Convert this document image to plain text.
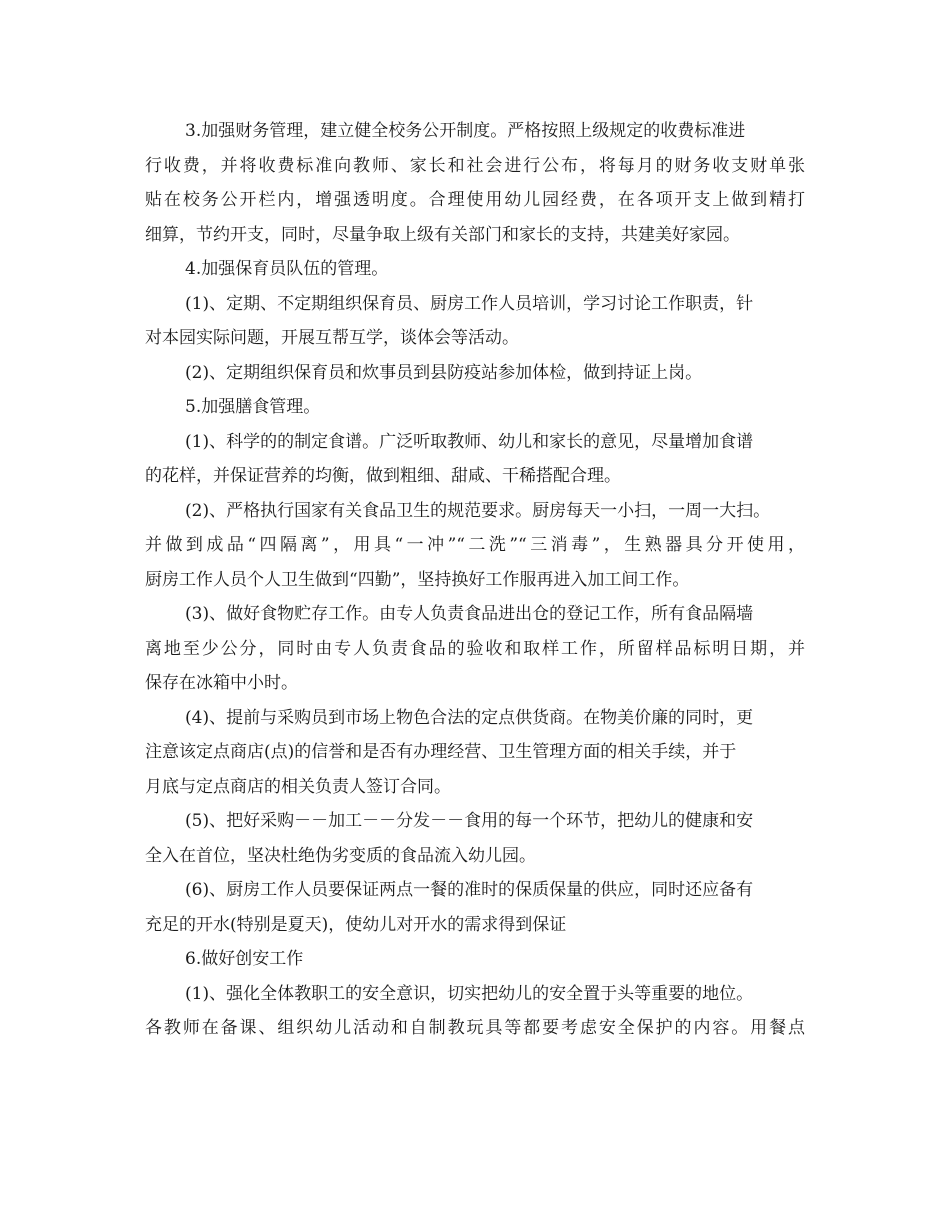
3.加强财务管理，建立健全校务公开制度。严格按照上级规定的收费标准进
行收费，并将收费标准向教师、家长和社会进行公布，将每月的财务收支财单张
贴在校务公开栏内，增强透明度。合理使用幼儿园经费，在各项开支上做到精打
细算，节约开支，同时，尽量争取上级有关部门和家长的支持，共建美好家园。
4.加强保育员队伍的管理。
(1)、定期、不定期组织保育员、厨房工作人员培训，学习讨论工作职责，针
对本园实际问题，开展互帮互学，谈体会等活动。
(2)、定期组织保育员和炊事员到县防疫站参加体检，做到持证上岗。
5.加强膳食管理。
(1)、科学的的制定食谱。广泛听取教师、幼儿和家长的意见，尽量增加食谱
的花样，并保证营养的均衡，做到粗细、甜咸、干稀搭配合理。
(2)、严格执行国家有关食品卫生的规范要求。厨房每天一小扫，一周一大扫。
并做到成品“四隔离”，用具“一冲”“二洗”“三消毒”，生熟器具分开使用，
厨房工作人员个人卫生做到“四勤”，坚持换好工作服再进入加工间工作。
(3)、做好食物贮存工作。由专人负责食品进出仓的登记工作，所有食品隔墙
离地至少公分，同时由专人负责食品的验收和取样工作，所留样品标明日期，并
保存在冰箱中小时。
(4)、提前与采购员到市场上物色合法的定点供货商。在物美价廉的同时，更
注意该定点商店(点)的信誉和是否有办理经营、卫生管理方面的相关手续，并于
月底与定点商店的相关负责人签订合同。
(5)、把好采购－－加工－－分发－－食用的每一个环节，把幼儿的健康和安
全入在首位，坚决杜绝伪劣变质的食品流入幼儿园。
(6)、厨房工作人员要保证两点一餐的准时的保质保量的供应，同时还应备有
充足的开水(特别是夏天)，使幼儿对开水的需求得到保证
6.做好创安工作
(1)、强化全体教职工的安全意识，切实把幼儿的安全置于头等重要的地位。
各教师在备课、组织幼儿活动和自制教玩具等都要考虑安全保护的内容。用餐点
